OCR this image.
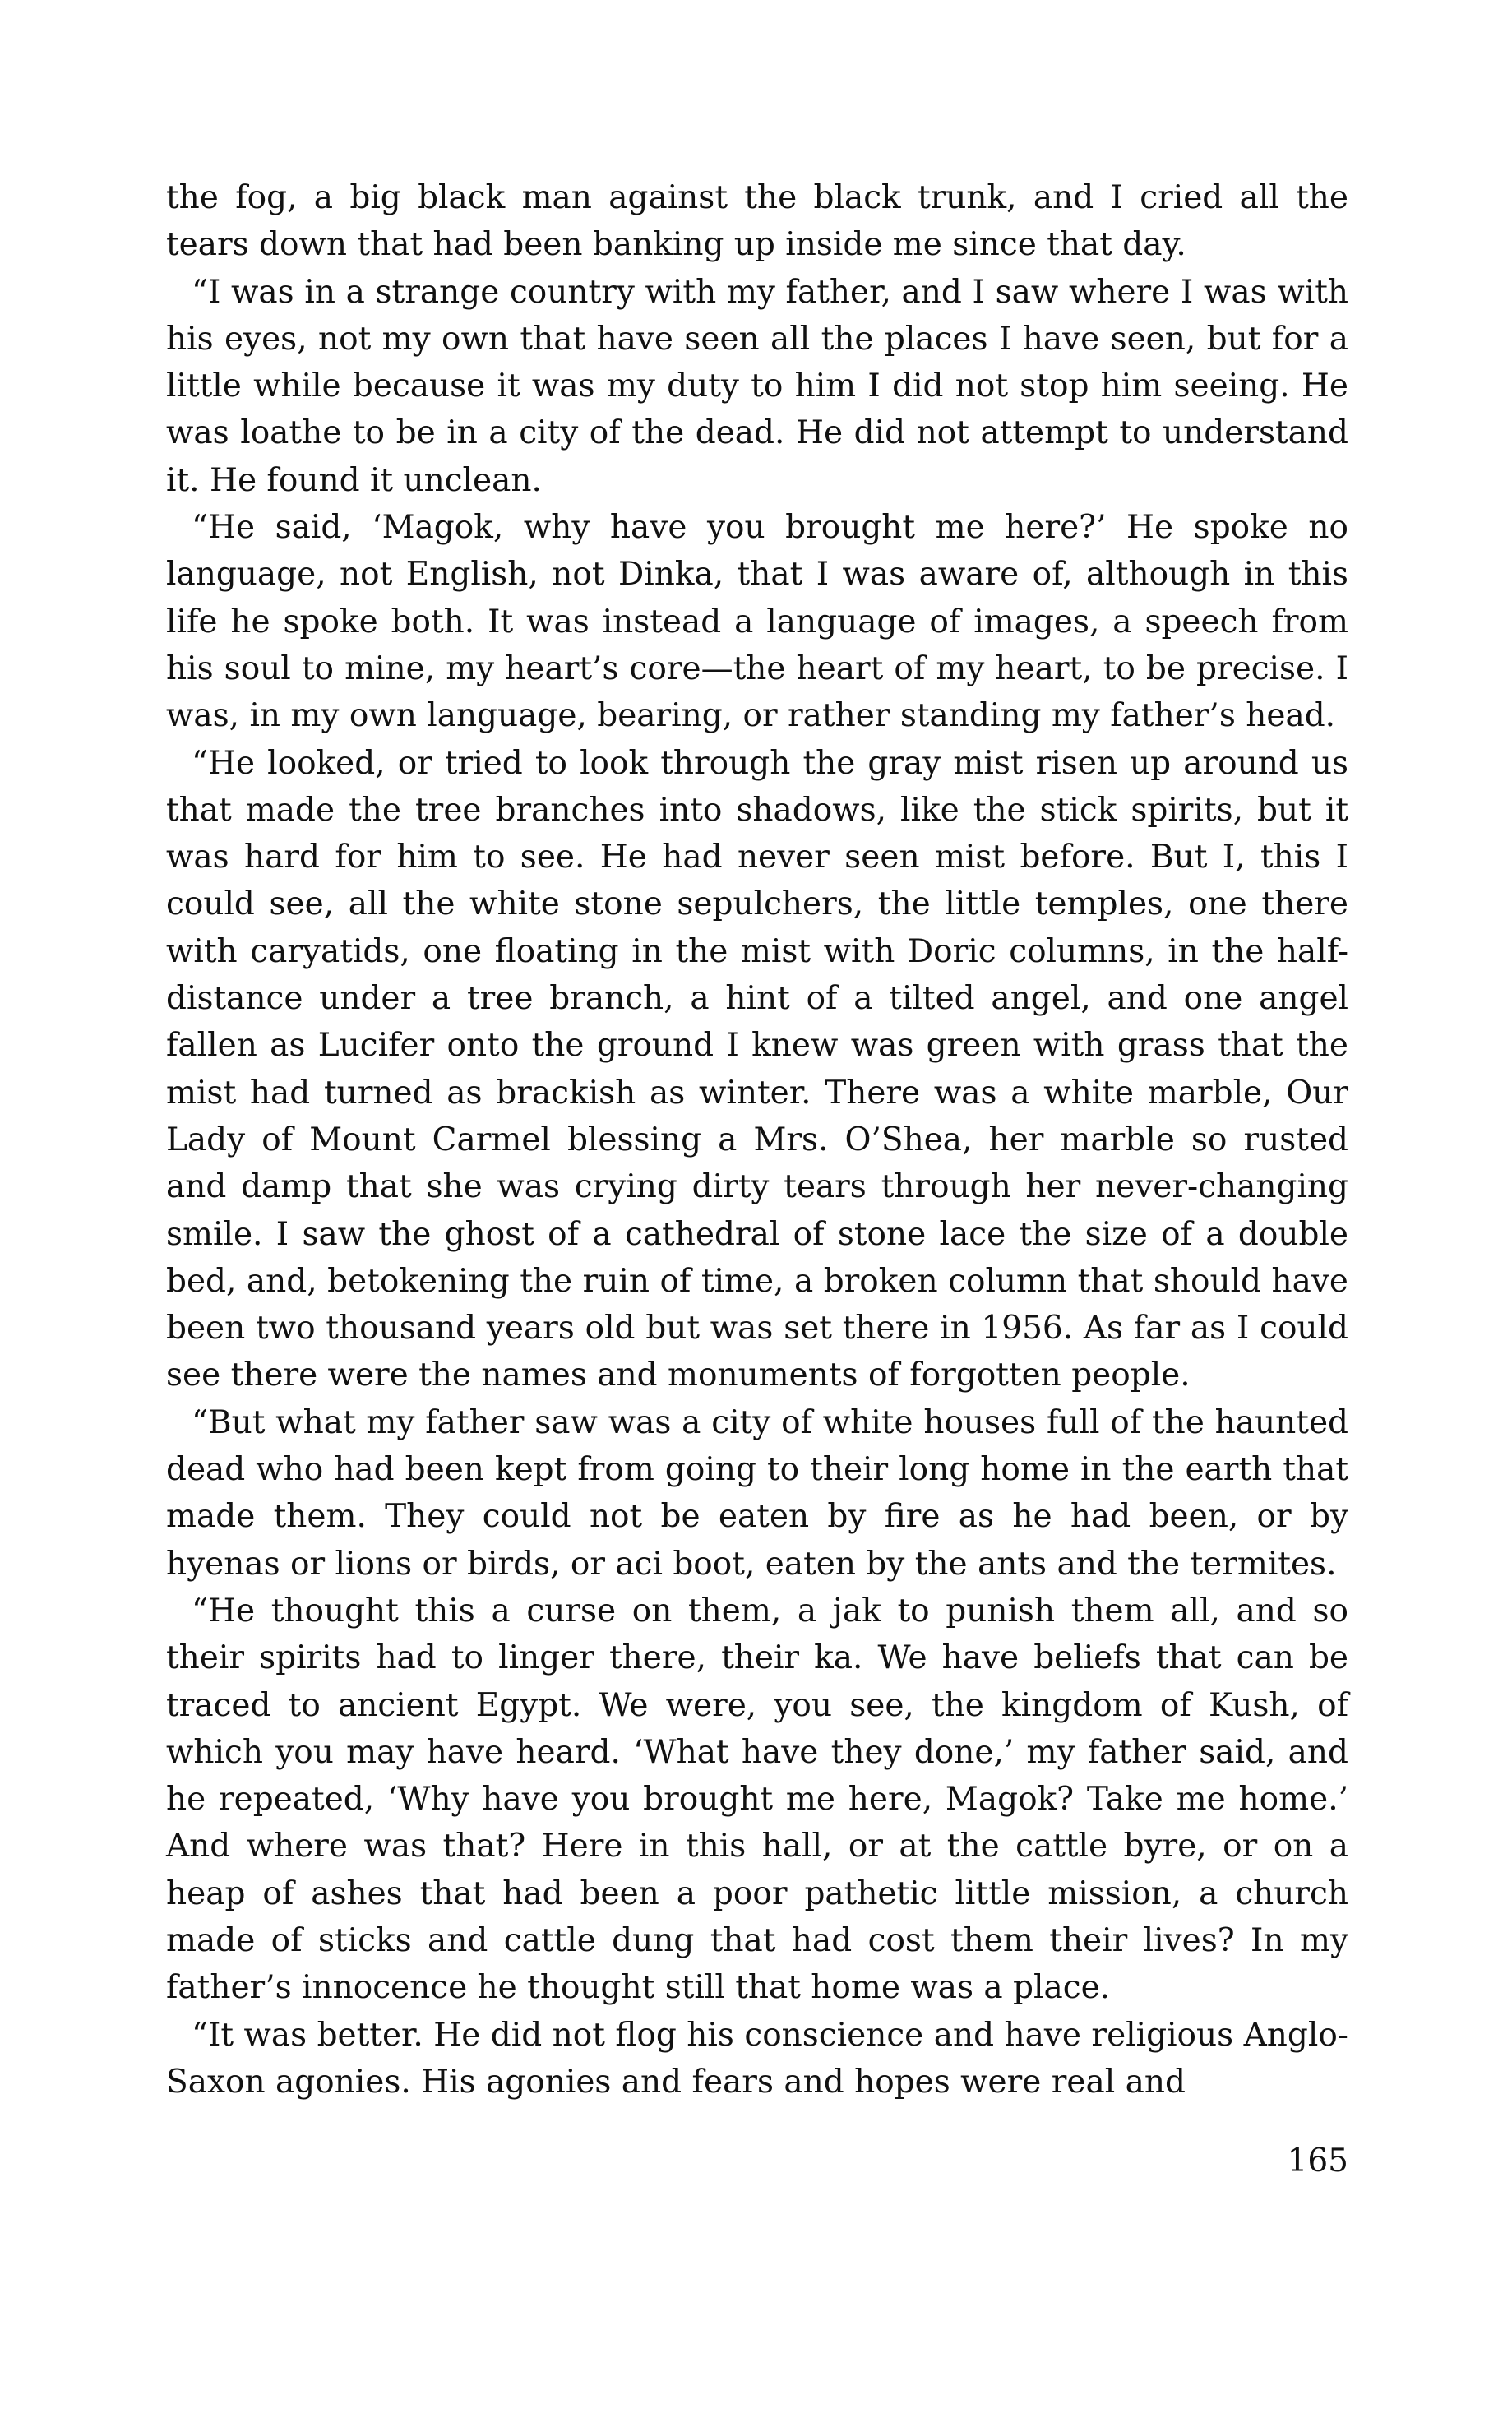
the fog, a big black man against the black trunk, and I cried all the tears down that had been banking up inside me since that day.

“I was in a strange country with my father, and I saw where I was with his eyes, not my own that have seen all the places I have seen, but for a little while because it was my duty to him I did not stop him seeing. He was loathe to be in a city of the dead. He did not attempt to understand it. He found it unclean.

“He said, ‘Magok, why have you brought me here?’ He spoke no language, not English, not Dinka, that I was aware of, although in this life he spoke both. It was instead a language of images, a speech from his soul to mine, my heart’s core—the heart of my heart, to be precise. I was, in my own language, bearing, or rather standing my father’s head.

“He looked, or tried to look through the gray mist risen up around us that made the tree branches into shadows, like the stick spirits, but it was hard for him to see. He had never seen mist before. But I, this I could see, all the white stone sepulchers, the little temples, one there with caryatids, one floating in the mist with Doric columns, in the half-distance under a tree branch, a hint of a tilted angel, and one angel fallen as Lucifer onto the ground I knew was green with grass that the mist had turned as brackish as winter. There was a white marble, Our Lady of Mount Carmel blessing a Mrs. O’Shea, her marble so rusted and damp that she was crying dirty tears through her never-changing smile. I saw the ghost of a cathedral of stone lace the size of a double bed, and, betokening the ruin of time, a broken column that should have been two thousand years old but was set there in 1956. As far as I could see there were the names and monuments of forgotten people.

“But what my father saw was a city of white houses full of the haunted dead who had been kept from going to their long home in the earth that made them. They could not be eaten by fire as he had been, or by hyenas or lions or birds, or aci boot, eaten by the ants and the termites.

“He thought this a curse on them, a jak to punish them all, and so their spirits had to linger there, their ka. We have beliefs that can be traced to ancient Egypt. We were, you see, the kingdom of Kush, of which you may have heard. ‘What have they done,’ my father said, and he repeated, ‘Why have you brought me here, Magok? Take me home.’ And where was that? Here in this hall, or at the cattle byre, or on a heap of ashes that had been a poor pathetic little mission, a church made of sticks and cattle dung that had cost them their lives? In my father’s innocence he thought still that home was a place.

“It was better. He did not flog his conscience and have religious Anglo-Saxon agonies. His agonies and fears and hopes were real and

165
